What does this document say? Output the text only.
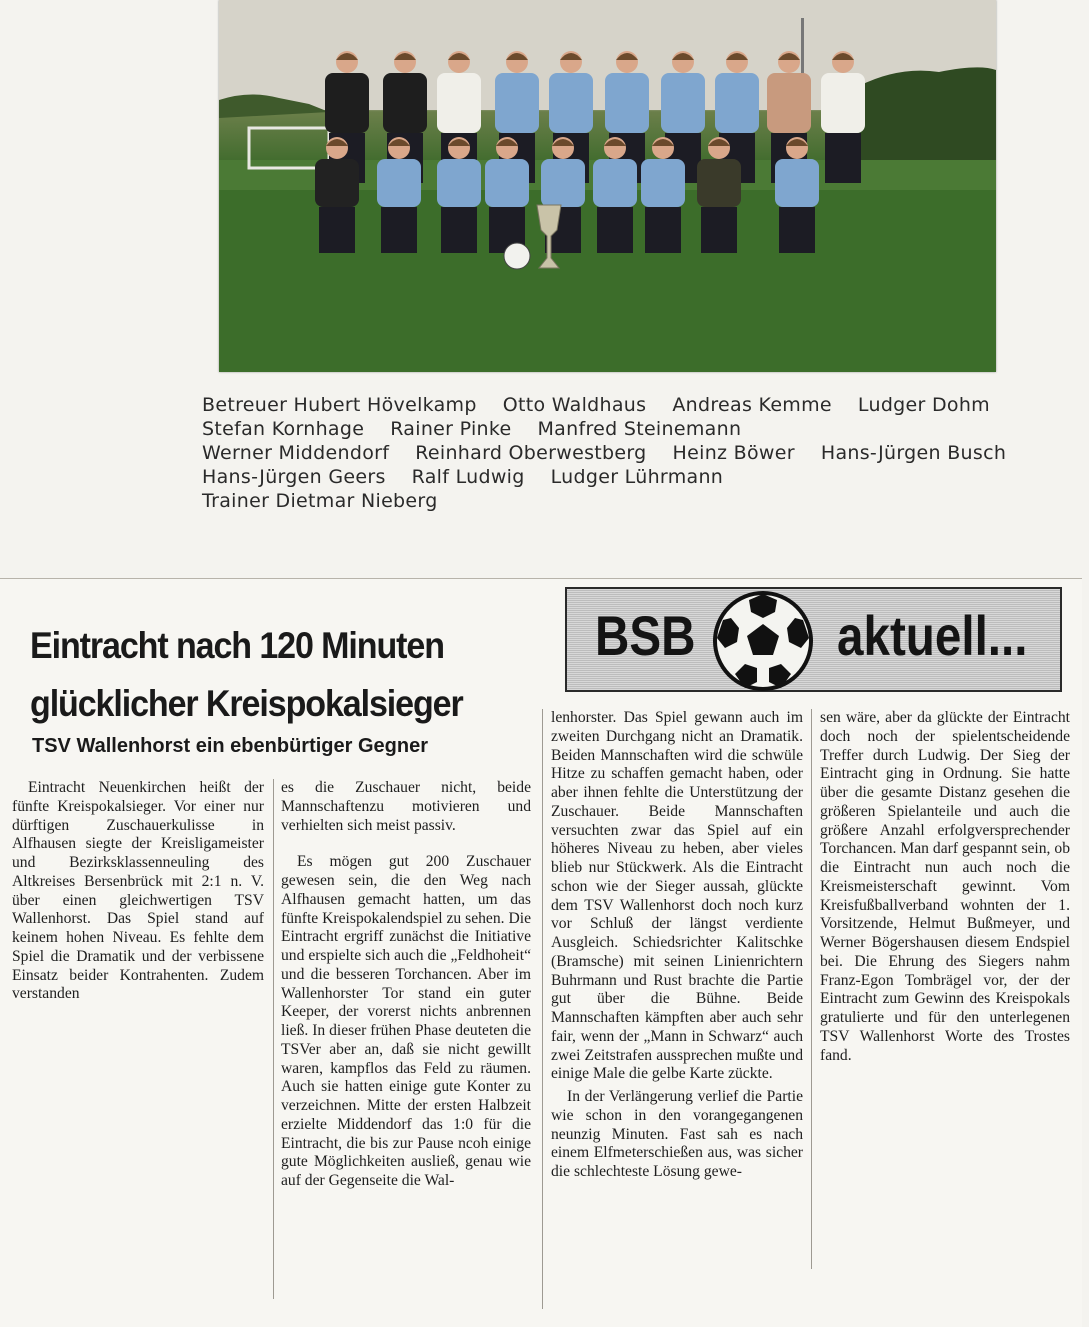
Betreuer Hubert Hövelkamp Otto Waldhaus Andreas Kemme Ludger Dohm
Stefan Kornhage Rainer Pinke Manfred Steinemann
Werner Middendorf Reinhard Oberwestberg Heinz Böwer Hans-Jürgen Busch
Hans-Jürgen Geers Ralf Ludwig Ludger Lührmann
Trainer Dietmar Nieberg
Eintracht nach 120 Minuten
glücklicher Kreispokalsieger
TSV Wallenhorst ein ebenbürtiger Gegner
BSB	aktuell...

Eintracht Neuenkirchen heißt der fünfte Kreispokalsieger. Vor einer nur dürftigen Zuschauerkulisse in Alfhausen siegte der Kreisligameister und Bezirksklassenneuling des Altkreises Bersenbrück mit 2:1 n. V. über einen gleichwertigen TSV Wallenhorst. Das Spiel stand auf keinem hohen Niveau. Es fehlte dem Spiel die Dramatik und der verbissene Einsatz beider Kontrahenten. Zudem verstanden

es die Zuschauer nicht, beide Mannschaftenzu motivieren und verhielten sich meist passiv.

Es mögen gut 200 Zuschauer gewesen sein, die den Weg nach Alfhausen gemacht hatten, um das fünfte Kreispokalendspiel zu sehen. Die Eintracht ergriff zunächst die Initiative und erspielte sich auch die „Feldhoheit“ und die besseren Torchancen. Aber im Wallenhorster Tor stand ein guter Keeper, der vorerst nichts anbrennen ließ. In dieser frühen Phase deuteten die TSVer aber an, daß sie nicht gewillt waren, kampflos das Feld zu räumen. Auch sie hatten einige gute Konter zu verzeichnen. Mitte der ersten Halbzeit erzielte Middendorf das 1:0 für die Eintracht, die bis zur Pause ncoh einige gute Möglichkeiten ausließ, genau wie auf der Gegenseite die Wal-

lenhorster. Das Spiel gewann auch im zweiten Durchgang nicht an Dramatik. Beiden Mannschaften wird die schwüle Hitze zu schaffen gemacht haben, oder aber ihnen fehlte die Unterstützung der Zuschauer. Beide Mannschaften versuchten zwar das Spiel auf ein höheres Niveau zu heben, aber vieles blieb nur Stückwerk. Als die Eintracht schon wie der Sieger aussah, glückte dem TSV Wallenhorst doch noch kurz vor Schluß der längst verdiente Ausgleich. Schiedsrichter Kalitschke (Bramsche) mit seinen Linienrichtern Buhrmann und Rust brachte die Partie gut über die Bühne. Beide Mannschaften kämpften aber auch sehr fair, wenn der „Mann in Schwarz“ auch zwei Zeitstrafen aussprechen mußte und einige Male die gelbe Karte zückte.

In der Verlängerung verlief die Partie wie schon in den vorangegangenen neunzig Minuten. Fast sah es nach einem Elfmeterschießen aus, was sicher die schlechteste Lösung gewe-

sen wäre, aber da glückte der Eintracht doch noch der spielentscheidende Treffer durch Ludwig. Der Sieg der Eintracht ging in Ordnung. Sie hatte über die gesamte Distanz gesehen die größeren Spielanteile und auch die größere Anzahl erfolgversprechender Torchancen. Man darf gespannt sein, ob die Eintracht nun auch noch die Kreismeisterschaft gewinnt. Vom Kreisfußballverband wohnten der 1. Vorsitzende, Helmut Bußmeyer, und Werner Bögershausen diesem Endspiel bei. Die Ehrung des Siegers nahm Franz-Egon Tombrägel vor, der der Eintracht zum Gewinn des Kreispokals gratulierte und für den unterlegenen TSV Wallenhorst Worte des Trostes fand.
